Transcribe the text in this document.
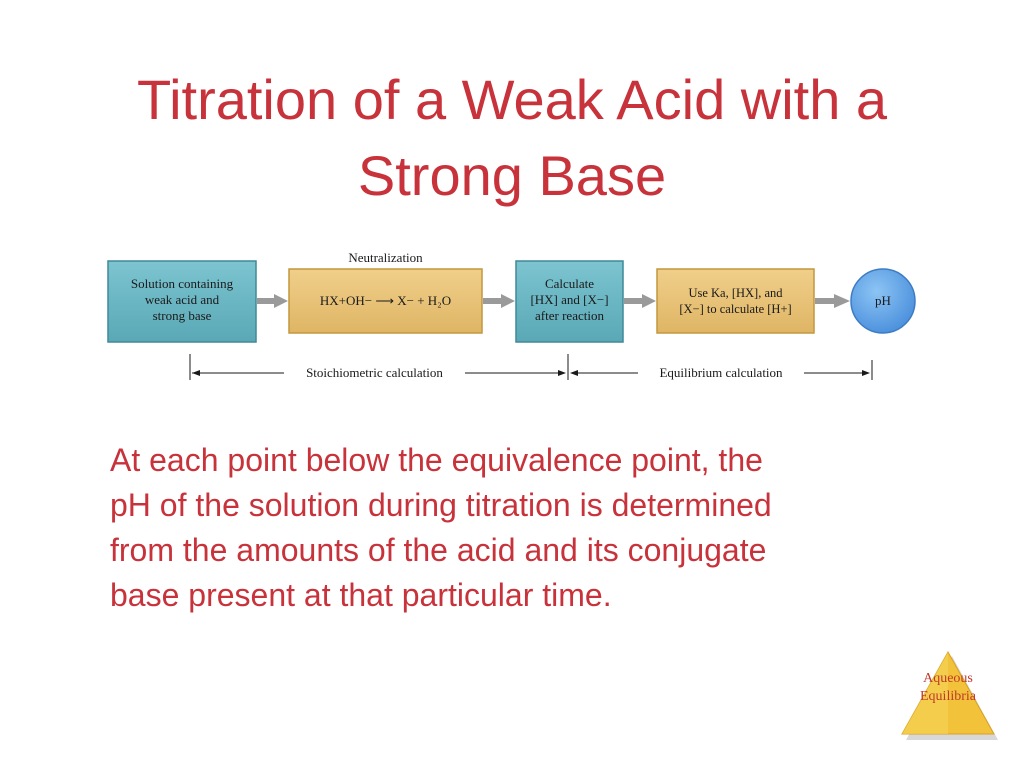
Titration of a Weak Acid with a
Strong Base
Neutralization
Solution containing
weak acid and
strong base
HX+OH− ⟶ X− + H₂O
Calculate
[HX] and [X−]
after reaction
Use Ka, [HX], and
[X−] to calculate [H+]
pH
Stoichiometric calculation	Equilibrium calculation
At each point below the equivalence point, the
pH of the solution during titration is determined
from the amounts of the acid and its conjugate
base present at that particular time.
Aqueous
Equilibria
